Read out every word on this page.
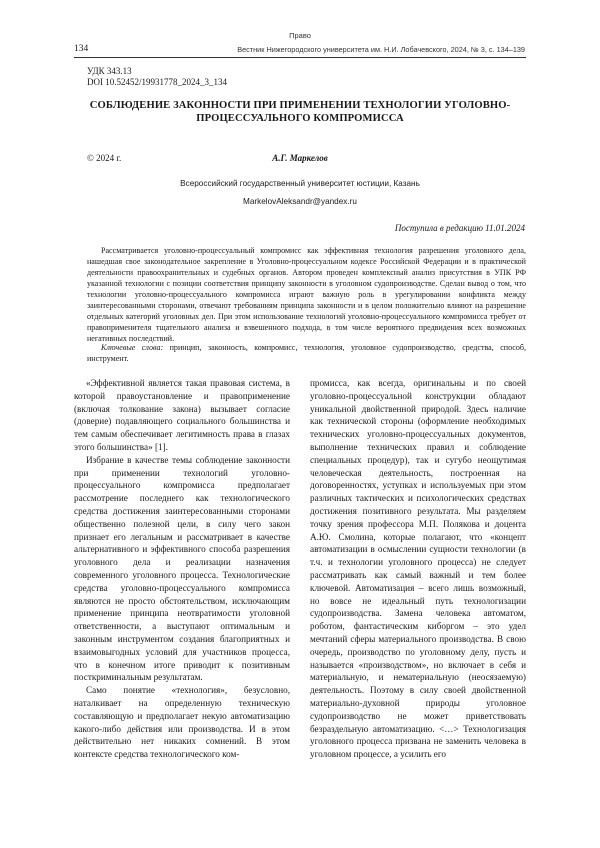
Право
134	Вестник Нижегородского университета им. Н.И. Лобачевского, 2024, № 3, с. 134–139
УДК 343.13
DOI 10.52452/19931778_2024_3_134
СОБЛЮДЕНИЕ ЗАКОННОСТИ ПРИ ПРИМЕНЕНИИ ТЕХНОЛОГИИ УГОЛОВНО-ПРОЦЕССУАЛЬНОГО КОМПРОМИССА
© 2024 г.	А.Г. Маркелов
Всероссийский государственный университет юстиции, Казань
MarkelovAleksandr@yandex.ru
Поступила в редакцию 11.01.2024

Рассматривается уголовно-процессуальный компромисс как эффективная технология разрешения уголовного дела, нашедшая свое законодательное закрепление в Уголовно-процессуальном кодексе Российской Федерации и в практической деятельности правоохранительных и судебных органов. Автором проведен комплексный анализ присутствия в УПК РФ указанной технологии с позиции соответствия принципу законности в уголовном судопроизводстве. Сделан вывод о том, что технологии уголовно-процессуального компромисса играют важную роль в урегулировании конфликта между заинтересованными сторонами, отвечают требованиям принципа законности и в целом положительно влияют на разрешение отдельных категорий уголовных дел. При этом использование технологий уголовно-процессуального компромисса требует от правоприменителя тщательного анализа и взвешенного подхода, в том числе вероятного предвидения всех возможных негативных последствий.

Ключевые слова: принцип, законность, компромисс, технология, уголовное судопроизводство, средства, способ, инструмент.

«Эффективной является такая правовая система, в которой правоустановление и правоприменение (включая толкование закона) вызывает согласие (доверие) подавляющего социального большинства и тем самым обеспечивает легитимность права в глазах этого большинства» [1].

Избрание в качестве темы соблюдение законности при применении технологий уголовно-процессуального компромисса предполагает рассмотрение последнего как технологического средства достижения заинтересованными сторонами общественно полезной цели, в силу чего закон признает его легальным и рассматривает в качестве альтернативного и эффективного способа разрешения уголовного дела и реализации назначения современного уголовного процесса. Технологические средства уголовно-процессуального компромисса являются не просто обстоятельством, исключающим применение принципа неотвратимости уголовной ответственности, а выступают оптимальным и законным инструментом создания благоприятных и взаимовыгодных условий для участников процесса, что в конечном итоге приводит к позитивным посткриминальным результатам.

Само понятие «технология», безусловно, наталкивает на определенную техническую составляющую и предполагает некую автоматизацию какого-либо действия или производства. И в этом действительно нет никаких сомнений. В этом контексте средства технологического ком-

промисса, как всегда, оригинальны и по своей уголовно-процессуальной конструкции обладают уникальной двойственной природой. Здесь наличие как технической стороны (оформление необходимых технических уголовно-процессуальных документов, выполнение технических правил и соблюдение специальных процедур), так и сугубо неощутимая человеческая деятельность, построенная на договоренностях, уступках и используемых при этом различных тактических и психологических средствах достижения позитивного результата. Мы разделяем точку зрения профессора М.П. Полякова и доцента А.Ю. Смолина, которые полагают, что «концепт автоматизации в осмыслении сущности технологии (в т.ч. и технологии уголовного процесса) не следует рассматривать как самый важный и тем более ключевой. Автоматизация – всего лишь возможный, но вовсе не идеальный путь технологизации судопроизводства. Замена человека автоматом, роботом, фантастическим киборгом – это удел мечтаний сферы материального производства. В свою очередь, производство по уголовному делу, пусть и называется «производством», но включает в себя и материальную, и нематериальную (неосязаемую) деятельность. Поэтому в силу своей двойственной материально-духовной природы уголовное судопроизводство не может приветствовать безраздельную автоматизацию. <…> Технологизация уголовного процесса призвана не заменить человека в уголовном процессе, а усилить его
